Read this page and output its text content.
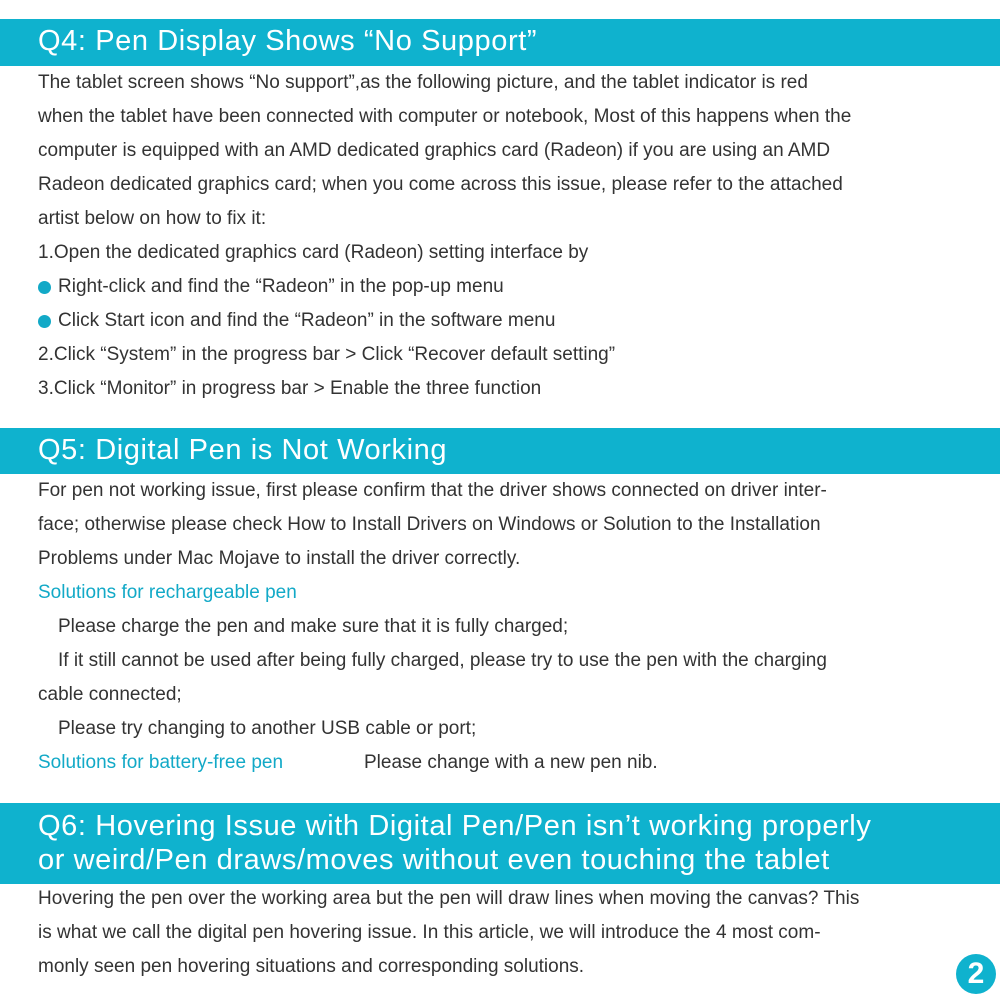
Q4: Pen Display Shows “No Support”
The tablet screen shows “No support”,as the following picture, and the tablet indicator is red
when the tablet have been connected with computer or notebook, Most of this happens when the
computer is equipped with an AMD dedicated graphics card (Radeon) if you are using an AMD
Radeon dedicated graphics card; when you come across this issue, please refer to the attached
artist below on how to fix it:
1.Open the dedicated graphics card (Radeon) setting interface by
Right-click and find the “Radeon” in the pop-up menu
Click Start icon and find the “Radeon” in the software menu
2.Click “System” in the progress bar > Click “Recover default setting”
3.Click “Monitor” in progress bar > Enable the three function
Q5: Digital Pen is Not Working
For pen not working issue, first please confirm that the driver shows connected on driver inter-
face; otherwise please check How to Install Drivers on Windows or Solution to the Installation
Problems under Mac Mojave to install the driver correctly.
Solutions for rechargeable pen
Please charge the pen and make sure that it is fully charged;
If it still cannot be used after being fully charged, please try to use the pen with the charging
cable connected;
Please try changing to another USB cable or port;
Solutions for battery-free pen	Please change with a new pen nib.
Q6: Hovering Issue with Digital Pen/Pen isn’t working properly
or weird/Pen draws/moves without even touching the tablet
Hovering the pen over the working area but the pen will draw lines when moving the canvas? This
is what we call the digital pen hovering issue. In this article, we will introduce the 4 most com-
monly seen pen hovering situations and corresponding solutions.	2
